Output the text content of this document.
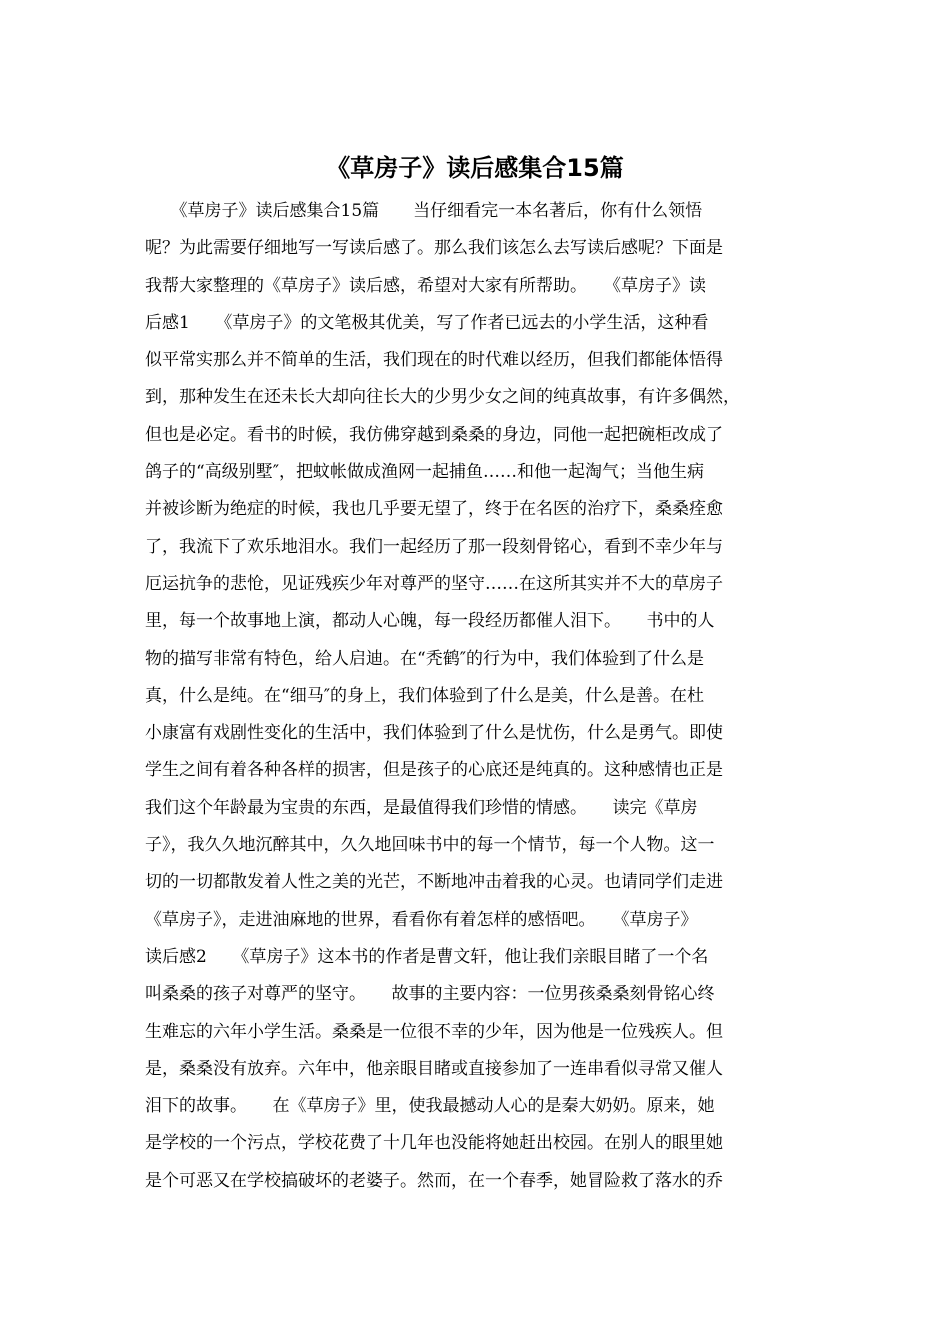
《草房子》读后感集合15篇
　　《草房子》读后感集合15篇　　当仔细看完一本名著后，你有什么领悟
呢？为此需要仔细地写一写读后感了。那么我们该怎么去写读后感呢？下面是
我帮大家整理的《草房子》读后感，希望对大家有所帮助。　　《草房子》读
后感1　　《草房子》的文笔极其优美，写了作者已远去的小学生活，这种看
似平常实那么并不简单的生活，我们现在的时代难以经历，但我们都能体悟得
到，那种发生在还未长大却向往长大的少男少女之间的纯真故事，有许多偶然，
但也是必定。看书的时候，我仿佛穿越到桑桑的身边，同他一起把碗柜改成了
鸽子的“高级别墅″，把蚊帐做成渔网一起捕鱼……和他一起淘气；当他生病
并被诊断为绝症的时候，我也几乎要无望了，终于在名医的治疗下，桑桑痊愈
了，我流下了欢乐地泪水。我们一起经历了那一段刻骨铭心，看到不幸少年与
厄运抗争的悲怆，见证残疾少年对尊严的坚守……在这所其实并不大的草房子
里，每一个故事地上演，都动人心魄，每一段经历都催人泪下。　　书中的人
物的描写非常有特色，给人启迪。在“秃鹤″的行为中，我们体验到了什么是
真，什么是纯。在“细马″的身上，我们体验到了什么是美，什么是善。在杜
小康富有戏剧性变化的生活中，我们体验到了什么是忧伤，什么是勇气。即使
学生之间有着各种各样的损害，但是孩子的心底还是纯真的。这种感情也正是
我们这个年龄最为宝贵的东西，是最值得我们珍惜的情感。　　读完《草房
子》，我久久地沉醉其中，久久地回味书中的每一个情节，每一个人物。这一
切的一切都散发着人性之美的光芒，不断地冲击着我的心灵。也请同学们走进
《草房子》，走进油麻地的世界，看看你有着怎样的感悟吧。　　《草房子》
读后感2　　《草房子》这本书的作者是曹文轩，他让我们亲眼目睹了一个名
叫桑桑的孩子对尊严的坚守。　　故事的主要内容：一位男孩桑桑刻骨铭心终
生难忘的六年小学生活。桑桑是一位很不幸的少年，因为他是一位残疾人。但
是，桑桑没有放弃。六年中，他亲眼目睹或直接参加了一连串看似寻常又催人
泪下的故事。　　在《草房子》里，使我最撼动人心的是秦大奶奶。原来，她
是学校的一个污点，学校花费了十几年也没能将她赶出校园。在别人的眼里她
是个可恶又在学校搞破坏的老婆子。然而，在一个春季，她冒险救了落水的乔
